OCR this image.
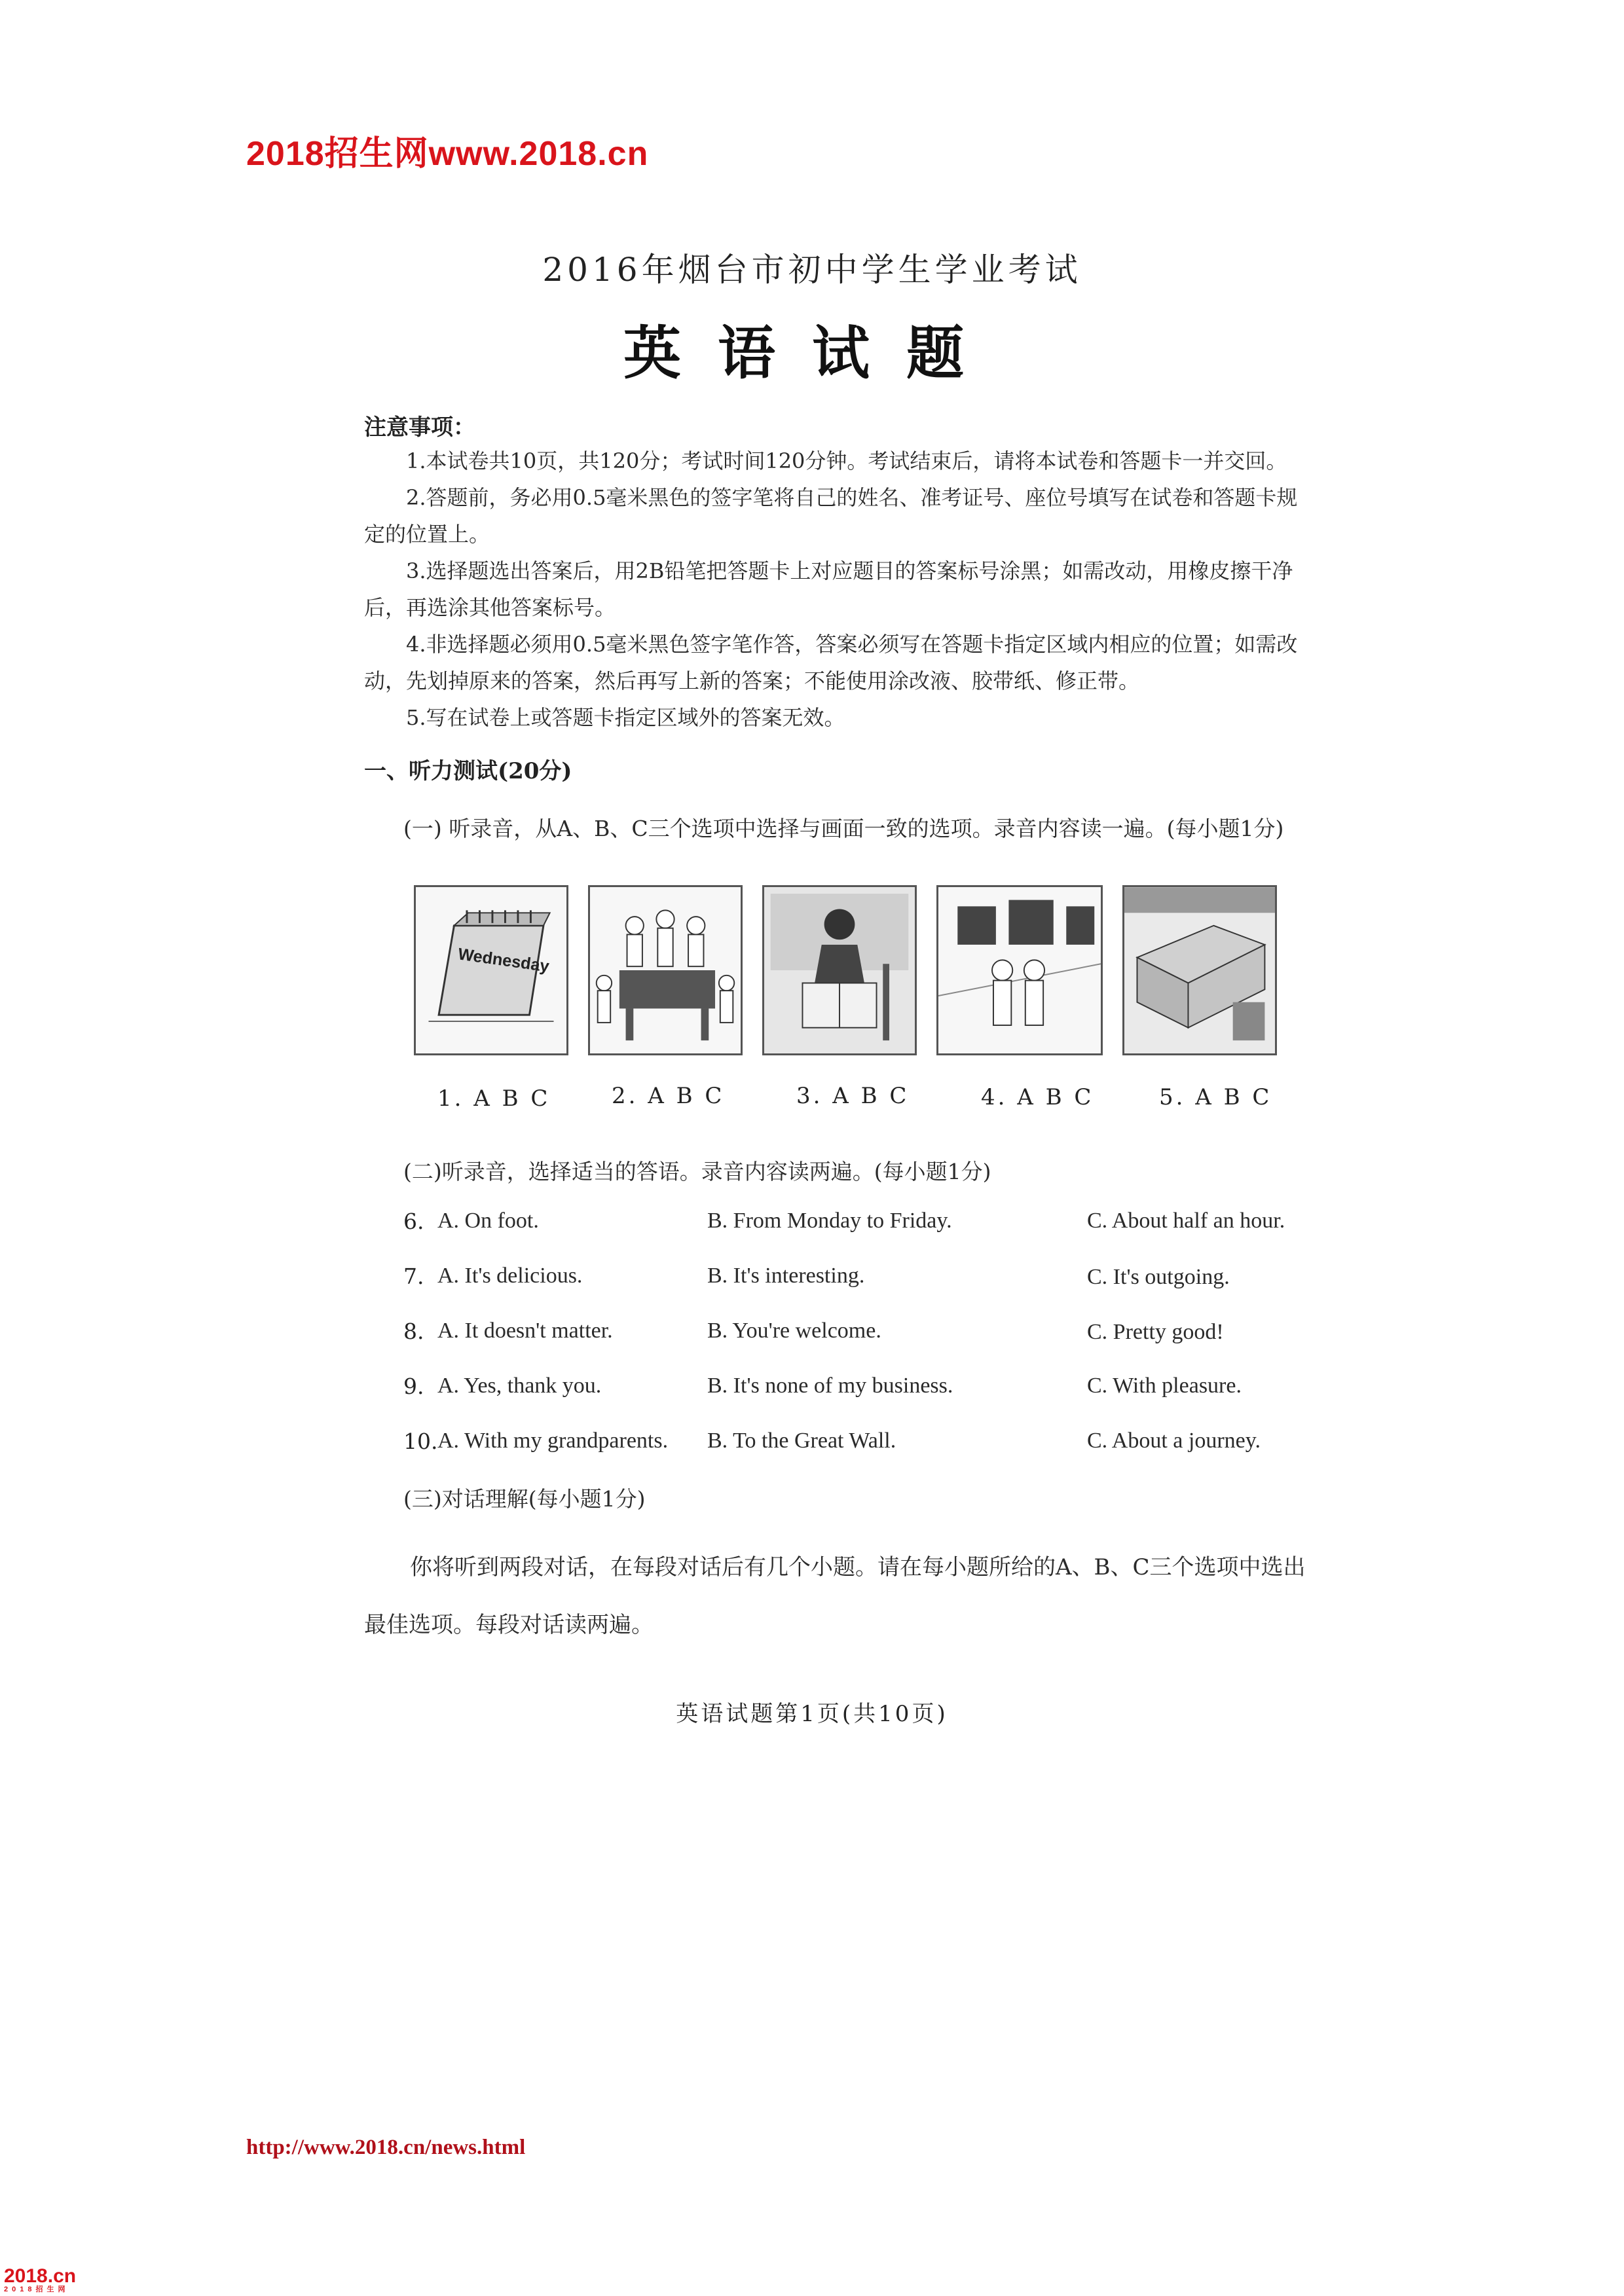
2018招生网www.2018.cn
2016年烟台市初中学生学业考试
英语试题
注意事项：
1.本试卷共10页，共120分；考试时间120分钟。考试结束后，请将本试卷和答题卡一并交回。
2.答题前，务必用0.5毫米黑色的签字笔将自己的姓名、准考证号、座位号填写在试卷和答题卡规定的位置上。
3.选择题选出答案后，用2B铅笔把答题卡上对应题目的答案标号涂黑；如需改动，用橡皮擦干净后，再选涂其他答案标号。
4.非选择题必须用0.5毫米黑色签字笔作答，答案必须写在答题卡指定区域内相应的位置；如需改动，先划掉原来的答案，然后再写上新的答案；不能使用涂改液、胶带纸、修正带。
5.写在试卷上或答题卡指定区域外的答案无效。
一、听力测试(20分)
(一) 听录音，从A、B、C三个选项中选择与画面一致的选项。录音内容读一遍。(每小题1分)
Wednesday
1. A B C	2. A B C	3. A B C	4. A B C	5. A B C
(二)听录音，选择适当的答语。录音内容读两遍。(每小题1分)
6. A. On foot.	B. From Monday to Friday.	C. About half an hour.
7. A. It's delicious.	B. It's interesting.	C. It's outgoing.
8. A. It doesn't matter.	B. You're welcome.	C. Pretty good!
9. A. Yes, thank you.	B. It's none of my business.	C. With pleasure.
10. A. With my grandparents. B. To the Great Wall.	C. About a journey.
(三)对话理解(每小题1分)
你将听到两段对话，在每段对话后有几个小题。请在每小题所给的A、B、C三个选项中选出最佳选项。每段对话读两遍。
英语试题第1页(共10页)
http://www.2018.cn/news.html
2018.cn
2018招生网
